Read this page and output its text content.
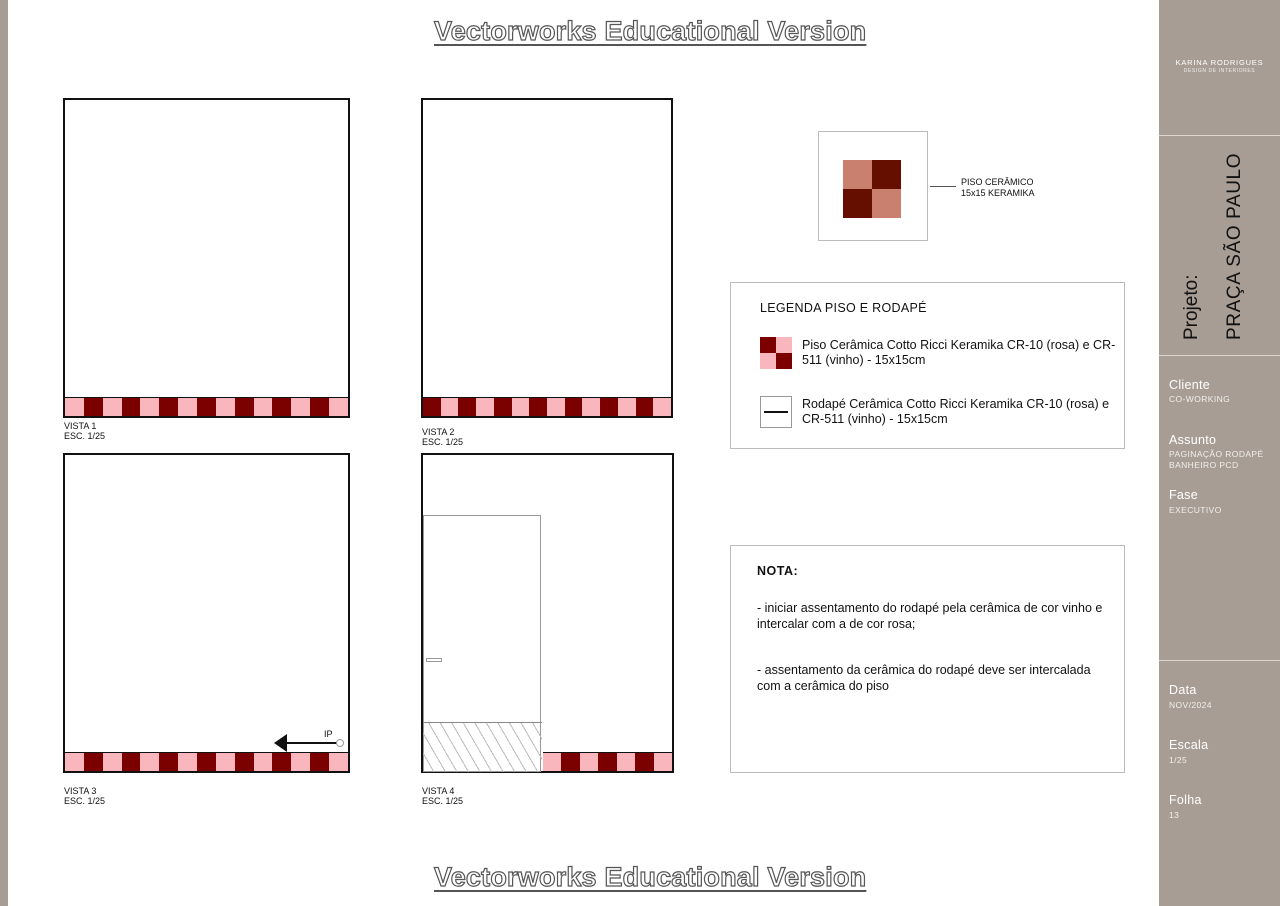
Vectorworks Educational Version
Vectorworks Educational Version
VISTA 1
ESC. 1/25	VISTA 2
ESC. 1/25
IP
VISTA 3
ESC. 1/25
VISTA 4
ESC. 1/25
PISO CERÂMICO
15x15 KERAMIKA
LEGENDA PISO E RODAPÉ
Piso Cerâmica Cotto Ricci Keramika CR-10 (rosa) e CR-511 (vinho) - 15x15cm
Rodapé Cerâmica Cotto Ricci Keramika CR-10 (rosa) e CR-511 (vinho) - 15x15cm
NOTA:
- iniciar assentamento do rodapé pela cerâmica de cor vinho e intercalar com a de cor rosa;
- assentamento da cerâmica do rodapé deve ser intercalada com a cerâmica do piso
KARINA RODRIGUES
DESIGN DE INTERIORES
Projeto: PRAÇA SÃO PAULO
Cliente
CO-WORKING
Assunto
PAGINAÇÃO RODAPÉ BANHEIRO PCD
Fase
EXECUTIVO
Data
NOV/2024
Escala
1/25
Folha
13
